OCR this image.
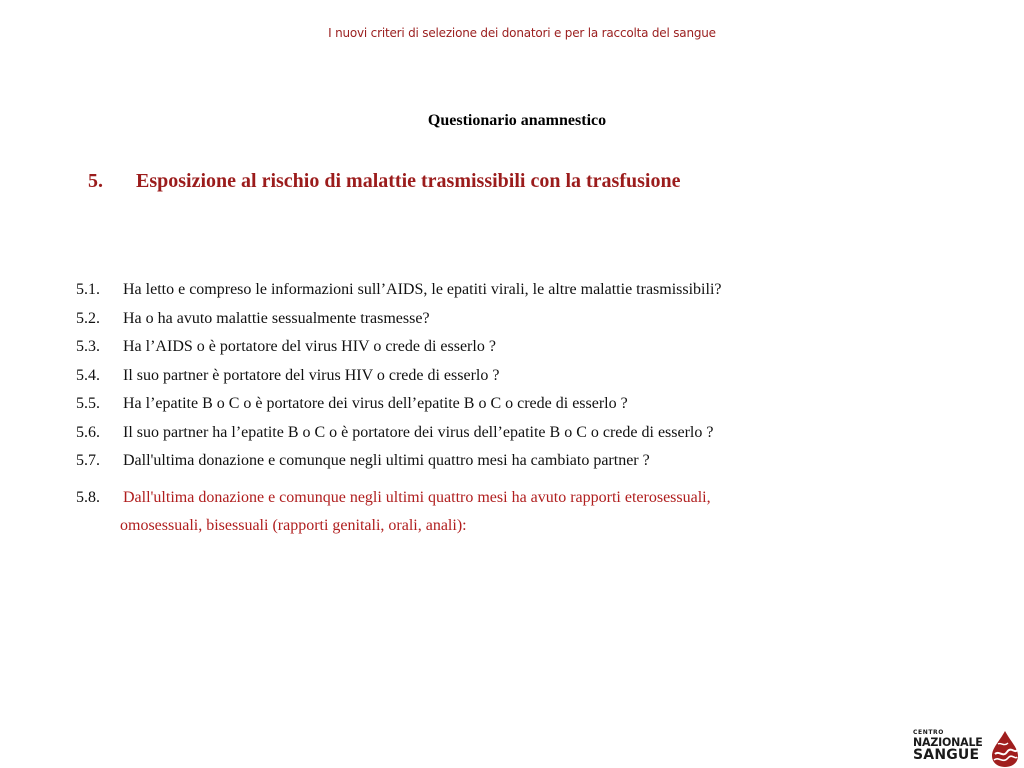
I nuovi criteri di selezione dei donatori e per la raccolta del sangue
Questionario anamnestico
5. Esposizione al rischio di malattie trasmissibili con la trasfusione
5.1. Ha letto e compreso le informazioni sull’AIDS, le epatiti virali, le altre malattie trasmissibili?
5.2. Ha o ha avuto malattie sessualmente trasmesse?
5.3. Ha l’AIDS o è portatore del virus HIV o crede di esserlo ?
5.4. Il suo partner è portatore del virus HIV o crede di esserlo ?
5.5. Ha l’epatite B o C o è portatore dei virus dell’epatite B o C o crede di esserlo ?
5.6. Il suo partner ha l’epatite B o C o è portatore dei virus dell’epatite B o C o crede di esserlo ?
5.7. Dall'ultima donazione e comunque negli ultimi quattro mesi ha cambiato partner ?
5.8. Dall'ultima donazione e comunque negli ultimi quattro mesi ha avuto rapporti eterosessuali,
omosessuali, bisessuali (rapporti genitali, orali, anali):
CENTRO
NAZIONALE
SANGUE
